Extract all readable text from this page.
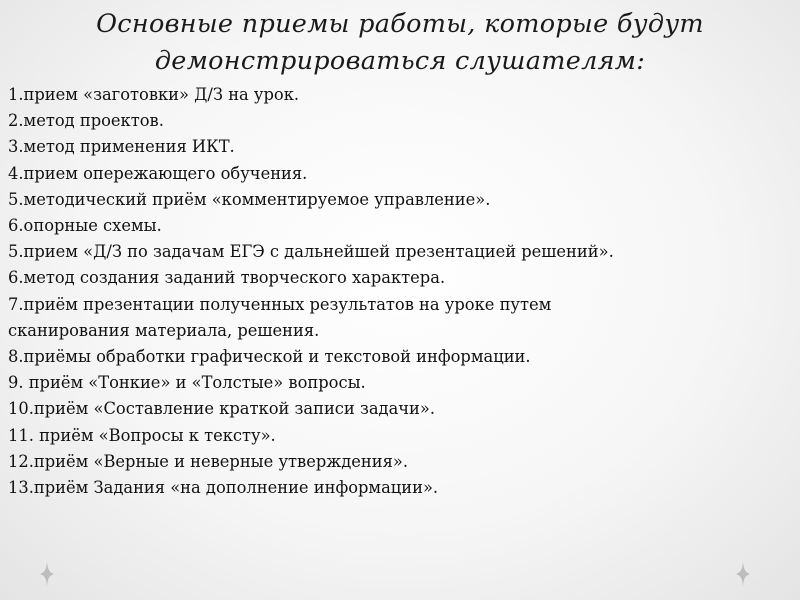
Основные приемы работы, которые будут
демонстрироваться слушателям:
1.прием «заготовки» Д/З на урок.
2.метод проектов.
3.метод применения ИКТ.
4.прием опережающего обучения.
5.методический приём «комментируемое управление».
6.опорные схемы.
5.прием «Д/З по задачам ЕГЭ с дальнейшей презентацией решений».
6.метод создания заданий творческого характера.
7.приём презентации полученных результатов на уроке путем
сканирования материала, решения.
8.приёмы обработки графической и текстовой информации.
9. приём «Тонкие» и «Толстые» вопросы.
10.приём «Составление краткой записи задачи».
11. приём «Вопросы к тексту».
12.приём «Верные и неверные утверждения».
13.приём Задания «на дополнение информации».
